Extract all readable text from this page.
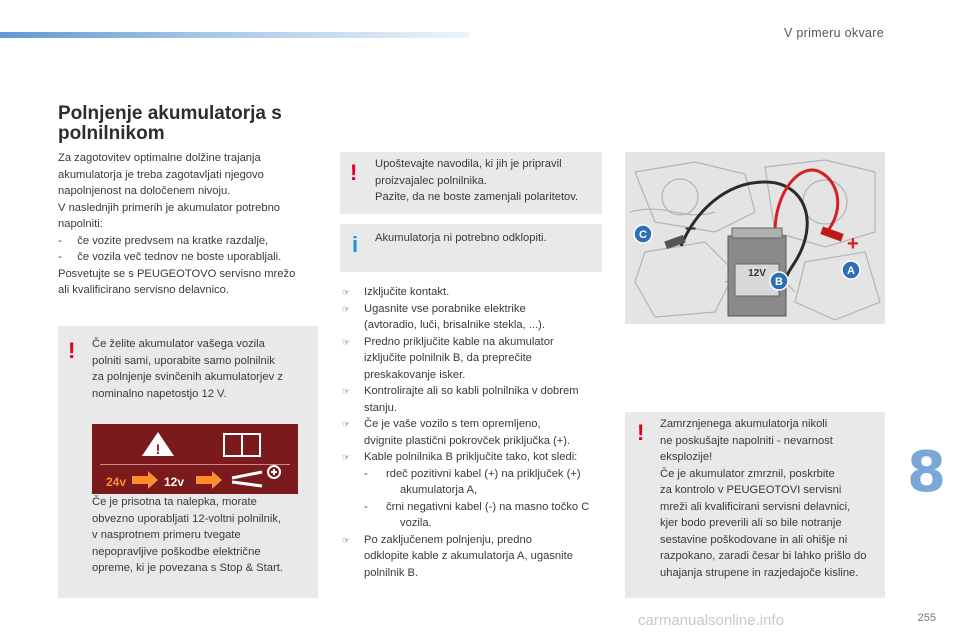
V primeru okvare
Polnjenje akumulatorja s polnilnikom
Za zagotovitev optimalne dolžine trajanja
akumulatorja je treba zagotavljati njegovo
napolnjenost na določenem nivoju.
V naslednjih primerih je akumulator potrebno
napolniti:
-     če vozite predvsem na kratke razdalje,
-     če vozila več tednov ne boste uporabljali.
Posvetujte se s PEUGEOTOVO servisno mrežo
ali kvalificirano servisno delavnico.
! Če želite akumulator vašega vozila
polniti sami, uporabite samo polnilnik
za polnjenje svinčenih akumulatorjev z
nominalno napetostjo 12 V.
Če je prisotna ta nalepka, morate
obvezno uporabljati 12-voltni polnilnik,
v nasprotnem primeru tvegate
nepopravljive poškodbe električne
opreme, ki je povezana s Stop & Start.
!	i
24v	12v
! Upoštevajte navodila, ki jih je pripravil
proizvajalec polnilnika.
Pazite, da ne boste zamenjali polaritetov.
i Akumulatorja ni potrebno odklopiti.
☞ Izklјučite kontakt.
☞ Ugasnite vse porabnike elektrike
(avtoradio, luči, brisalnike stekla, ...).
☞ Predno priključite kable na akumulator
izključite polnilnik B, da preprečite
preskakovanje isker.
☞ Kontrolirajte ali so kabli polnilnika v dobrem
stanju.
☞ Če je vaše vozilo s tem opremljeno,
dvignite plastični pokrovček priključka (+).
☞ Kable polnilnika B priključite tako, kot sledi:
- rdeč pozitivni kabel (+) na priključek (+)
akumulatorja A,
- črni negativni kabel (-) na masno točko C
vozila.
☞ Po zaključenem polnjenju, predno
odklopite kable z akumulatorja A, ugasnite
polnilnik B.
12V
–
+
C
B
A
! Zamrznjenega akumulatorja nikoli
ne poskušajte napolniti - nevarnost
eksplozije!
Če je akumulator zmrznil, poskrbite
za kontrolo v PEUGEOTOVI servisni
mreži ali kvalificirani servisni delavnici,
kjer bodo preverili ali so bile notranje
sestavine poškodovane in ali ohišje ni
razpokano, zaradi česar bi lahko prišlo do
uhajanja strupene in razjedajoče kisline.
8
255
carmanualsonline.info
